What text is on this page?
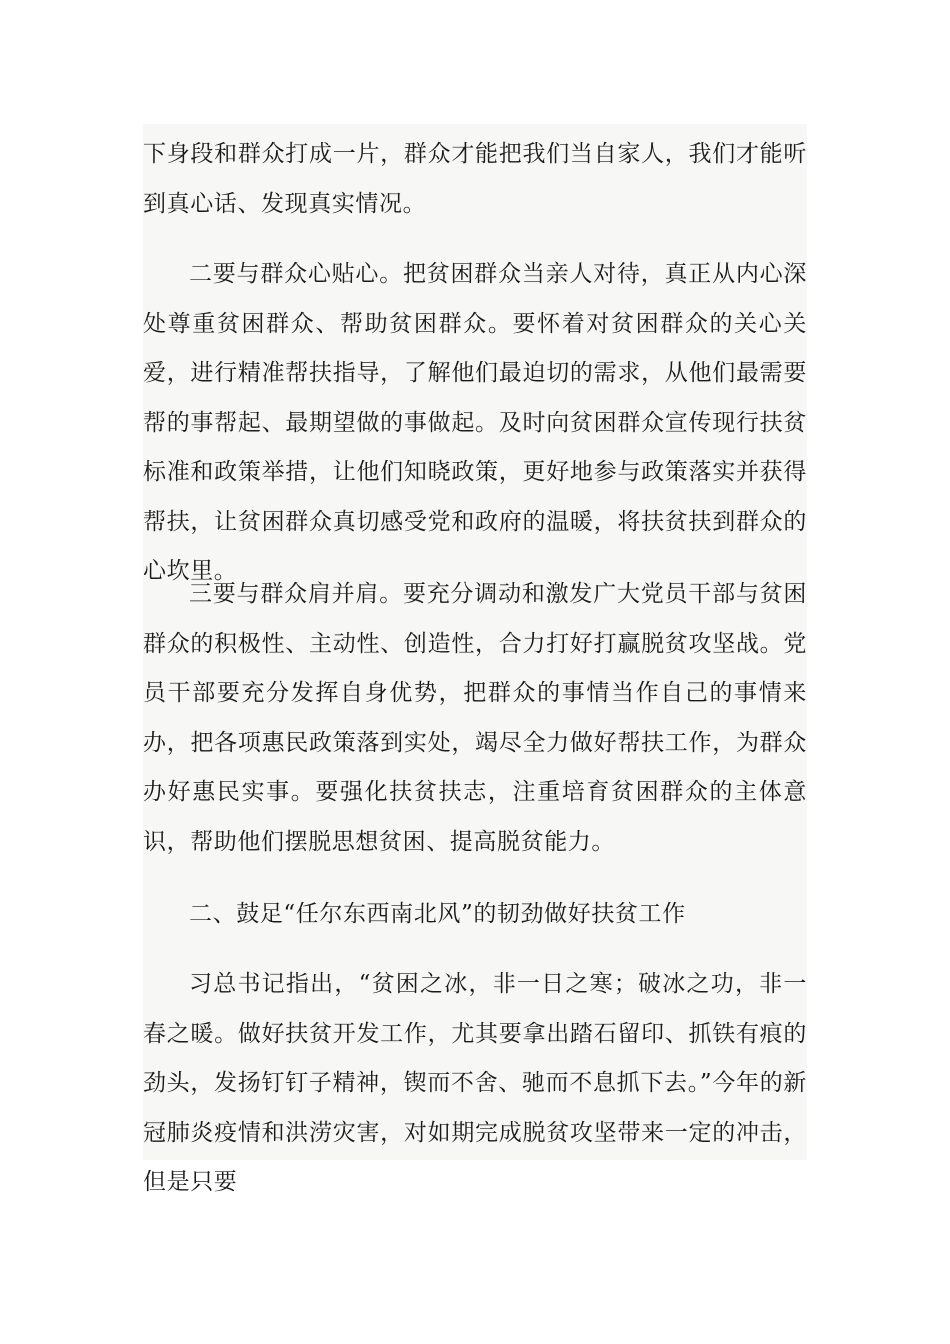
下身段和群众打成一片，群众才能把我们当自家人，我们才能听到真心话、发现真实情况。

二要与群众心贴心。把贫困群众当亲人对待，真正从内心深处尊重贫困群众、帮助贫困群众。要怀着对贫困群众的关心关爱，进行精准帮扶指导，了解他们最迫切的需求，从他们最需要帮的事帮起、最期望做的事做起。及时向贫困群众宣传现行扶贫标准和政策举措，让他们知晓政策，更好地参与政策落实并获得帮扶，让贫困群众真切感受党和政府的温暖，将扶贫扶到群众的心坎里。

三要与群众肩并肩。要充分调动和激发广大党员干部与贫困群众的积极性、主动性、创造性，合力打好打赢脱贫攻坚战。党员干部要充分发挥自身优势，把群众的事情当作自己的事情来办，把各项惠民政策落到实处，竭尽全力做好帮扶工作，为群众办好惠民实事。要强化扶贫扶志，注重培育贫困群众的主体意识，帮助他们摆脱思想贫困、提高脱贫能力。

二、鼓足“任尔东西南北风”的韧劲做好扶贫工作

习总书记指出，“贫困之冰，非一日之寒；破冰之功，非一春之暖。做好扶贫开发工作，尤其要拿出踏石留印、抓铁有痕的劲头，发扬钉钉子精神，锲而不舍、驰而不息抓下去。”今年的新冠肺炎疫情和洪涝灾害，对如期完成脱贫攻坚带来一定的冲击，但是只要
